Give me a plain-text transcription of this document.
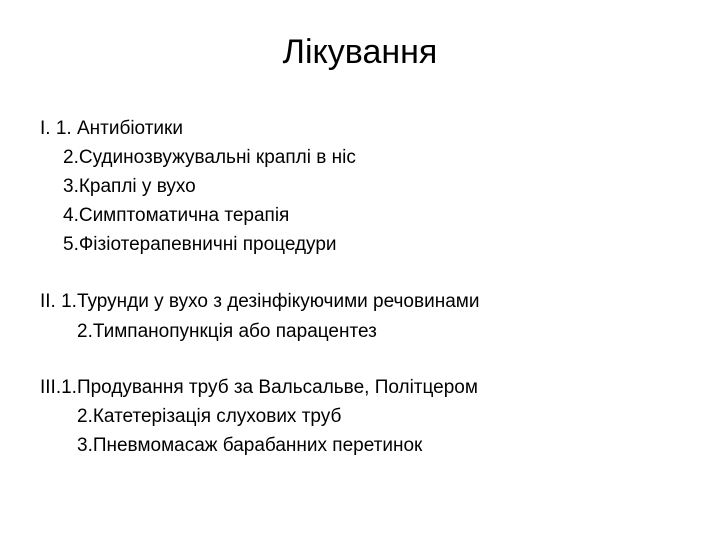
Лікування
I. 1. Антибіотики
2.Судинозвужувальні краплі в ніс
3.Краплі у вухо
4.Симптоматична терапія
5.Фізіотерапевничні процедури
II. 1.Турунди у вухо з дезінфікуючими речовинами
2.Тимпанопункція або парацентез
III.1.Продування труб за Вальсальве, Політцером
2.Катетерізація слухових труб
3.Пневмомасаж барабанних перетинок
